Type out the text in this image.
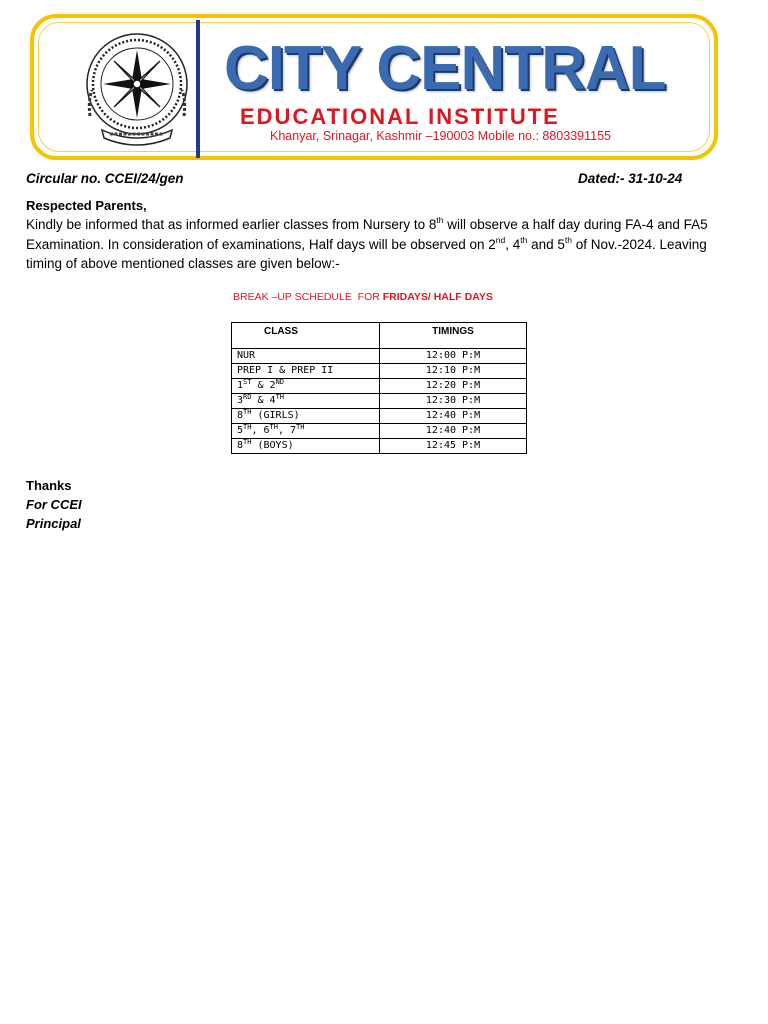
CITY CENTRAL
EDUCATIONAL INSTITUTE
Khanyar, Srinagar, Kashmir –190003 Mobile no.: 8803391155
Circular no. CCEI/24/gen	Dated:- 31-10-24
Respected Parents,
Kindly be informed that as informed earlier classes from Nursery to 8th will observe a half day during FA-4 and FA5 Examination. In consideration of examinations, Half days will be observed on 2nd, 4th and 5th of Nov.-2024. Leaving timing of above mentioned classes are given below:-
BREAK –UP SCHEDULE  FOR FRIDAYS/ HALF DAYS
CLASS	TIMINGS
NUR	12:00 P:M
PREP I & PREP II	12:10 P:M
1ST & 2ND	12:20 P:M
3RD & 4TH	12:30 P:M
8TH (GIRLS)	12:40 P:M
5TH, 6TH, 7TH	12:40 P:M
8TH (BOYS)	12:45 P:M
Thanks
For CCEI
Principal
